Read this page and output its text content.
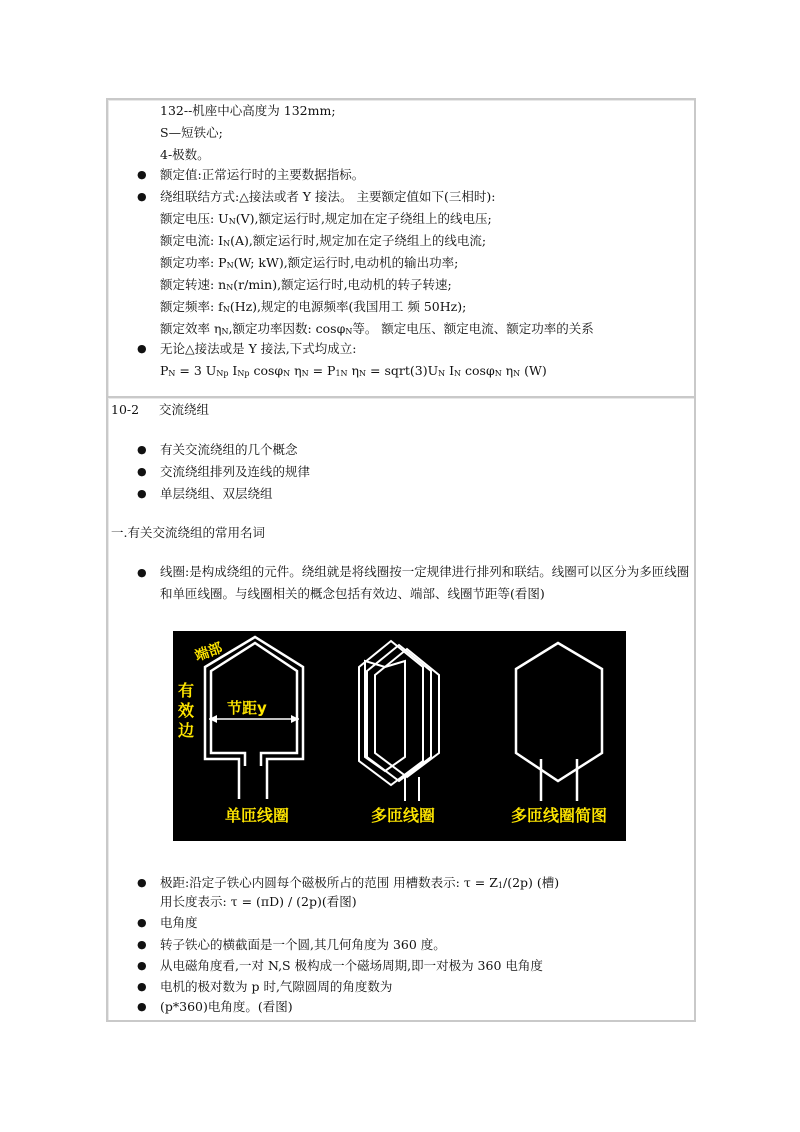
132--机座中心高度为 132mm;
S—短铁心;
4-极数。
● 额定值:正常运行时的主要数据指标。
● 绕组联结方式:△接法或者 Y 接法。 主要额定值如下(三相时):
额定电压: $U_N(V)$,额定运行时,规定加在定子绕组上的线电压;
额定电流: $I_N(A)$,额定运行时,规定加在定子绕组上的线电流;
额定功率: $P_N(W$; kW),额定运行时,电动机的输出功率;
额定转速: $n_N(r/\min)$,额定运行时,电动机的转子转速;
额定频率: $f_N(Hz)$,规定的电源频率(我国用工 频 50Hz);
额定效率 $\eta_N$,额定功率因数: cosφ$_N$等。 额定电压、额定电流、额定功率的关系
● 无论△接法或是 Y 接法,下式均成立:
$P_N = 3$ $U_{Np}$ $I_{Np}$ cosφ$_N$ $\eta_N = P_{1N}$ $\eta_N$ = $sqrt(3)U_N$ $I_N$ cosφ$_N$ $\eta_N$ (W)
10-2 交流绕组
● 有关交流绕组的几个概念
● 交流绕组排列及连线的规律
● 单层绕组、双层绕组
一.有关交流绕组的常用名词
● 线圈:是构成绕组的元件。绕组就是将线圈按一定规律进行排列和联结。线圈可以区分为多匝线圈和单匝线圈。与线圈相关的概念包括有效边、端部、线圈节距等(看图)
端部
有
效
边
节距y
单匝线圈	多匝线圈	多匝线圈简图
● 极距:沿定子铁心内圆每个磁极所占的范围 用槽数表示: $\tau = Z_1/(2p)$ (槽)
用长度表示: τ = (πD) / (2p)(看图)
● 电角度
● 转子铁心的横截面是一个圆,其几何角度为 360 度。
● 从电磁角度看,一对 N,S 极构成一个磁场周期,即一对极为 360 电角度
● 电机的极对数为 p 时,气隙圆周的角度数为
● (p*360)电角度。(看图)
